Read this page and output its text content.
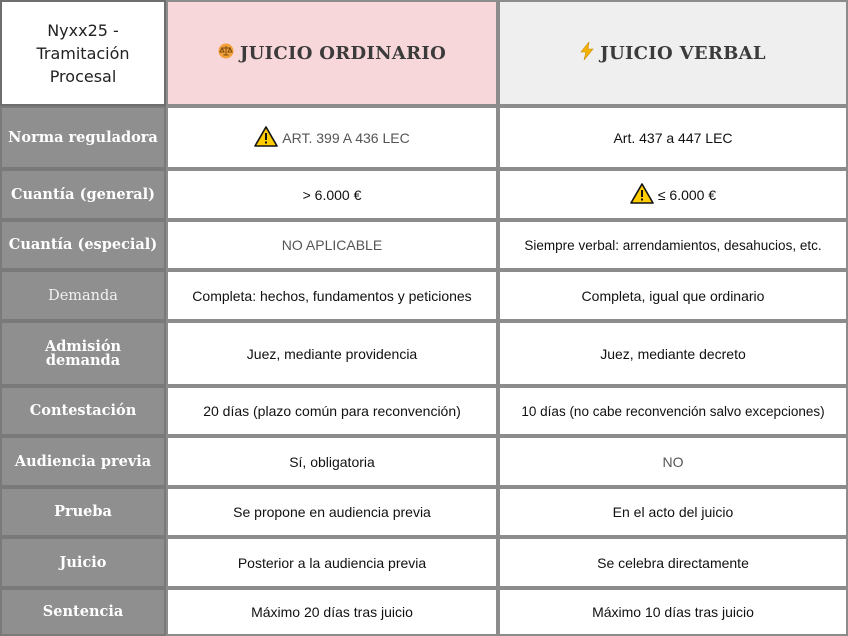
Nyxx25 -
Tramitación
Procesal
JUICIO ORDINARIO	JUICIO VERBAL
Norma reguladora	ART. 399 A 436 LEC	Art. 437 a 447 LEC
Cuantía (general)	> 6.000 €	≤ 6.000 €
Cuantía (especial)	NO APLICABLE	Siempre verbal: arrendamientos, desahucios, etc.
Demanda	Completa: hechos, fundamentos y peticiones	Completa, igual que ordinario
Admisión
demanda	Juez, mediante providencia	Juez, mediante decreto
Contestación	20 días (plazo común para reconvención)	10 días (no cabe reconvención salvo excepciones)
Audiencia previa	Sí, obligatoria	NO
Prueba	Se propone en audiencia previa	En el acto del juicio
Juicio	Posterior a la audiencia previa	Se celebra directamente
Sentencia	Máximo 20 días tras juicio	Máximo 10 días tras juicio
